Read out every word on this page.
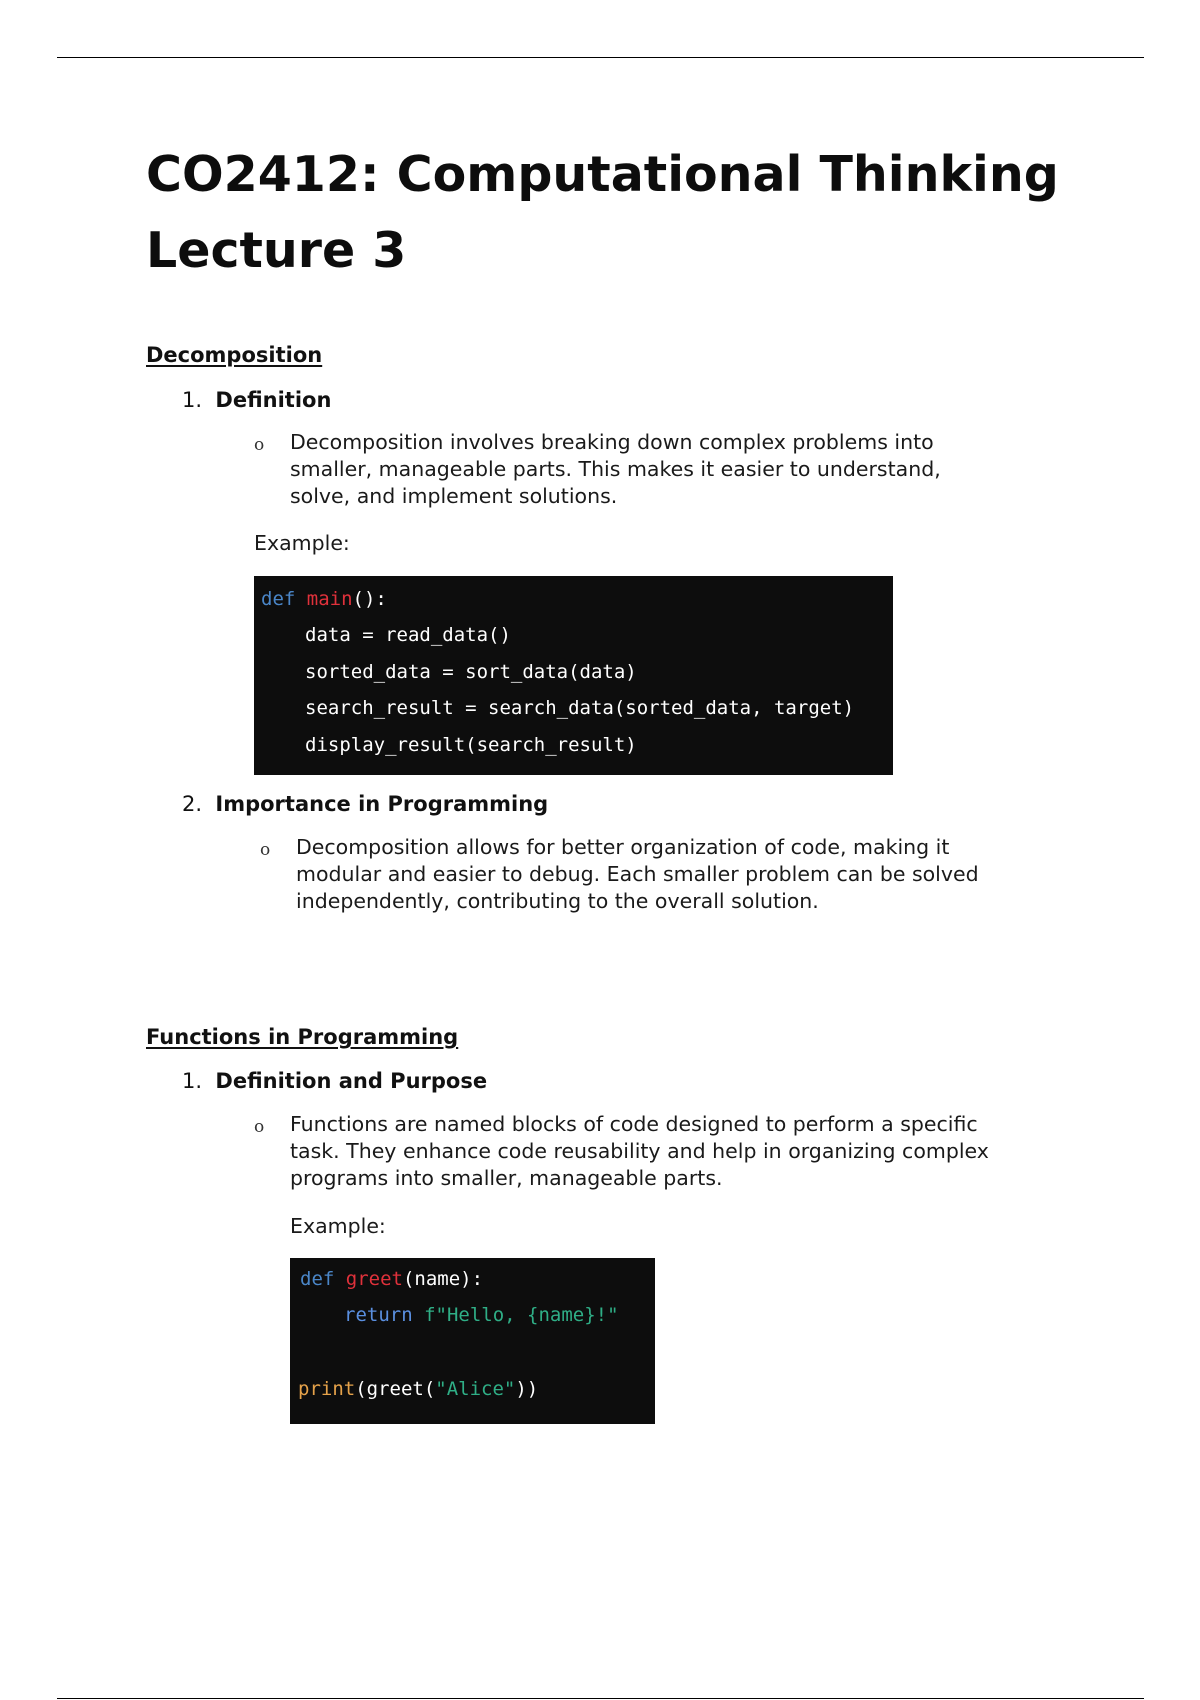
CO2412: Computational Thinking
Lecture 3
Decomposition
1. Definition
o Decomposition involves breaking down complex problems into
smaller, manageable parts. This makes it easier to understand,
solve, and implement solutions.
Example:
def main():
data = read_data()
sorted_data = sort_data(data)
search_result = search_data(sorted_data, target)
display_result(search_result)
2. Importance in Programming
o Decomposition allows for better organization of code, making it
modular and easier to debug. Each smaller problem can be solved
independently, contributing to the overall solution.
Functions in Programming
1. Definition and Purpose
o Functions are named blocks of code designed to perform a specific
task. They enhance code reusability and help in organizing complex
programs into smaller, manageable parts.
Example:
def greet(name):
return f"Hello, {name}!"
print(greet("Alice"))
